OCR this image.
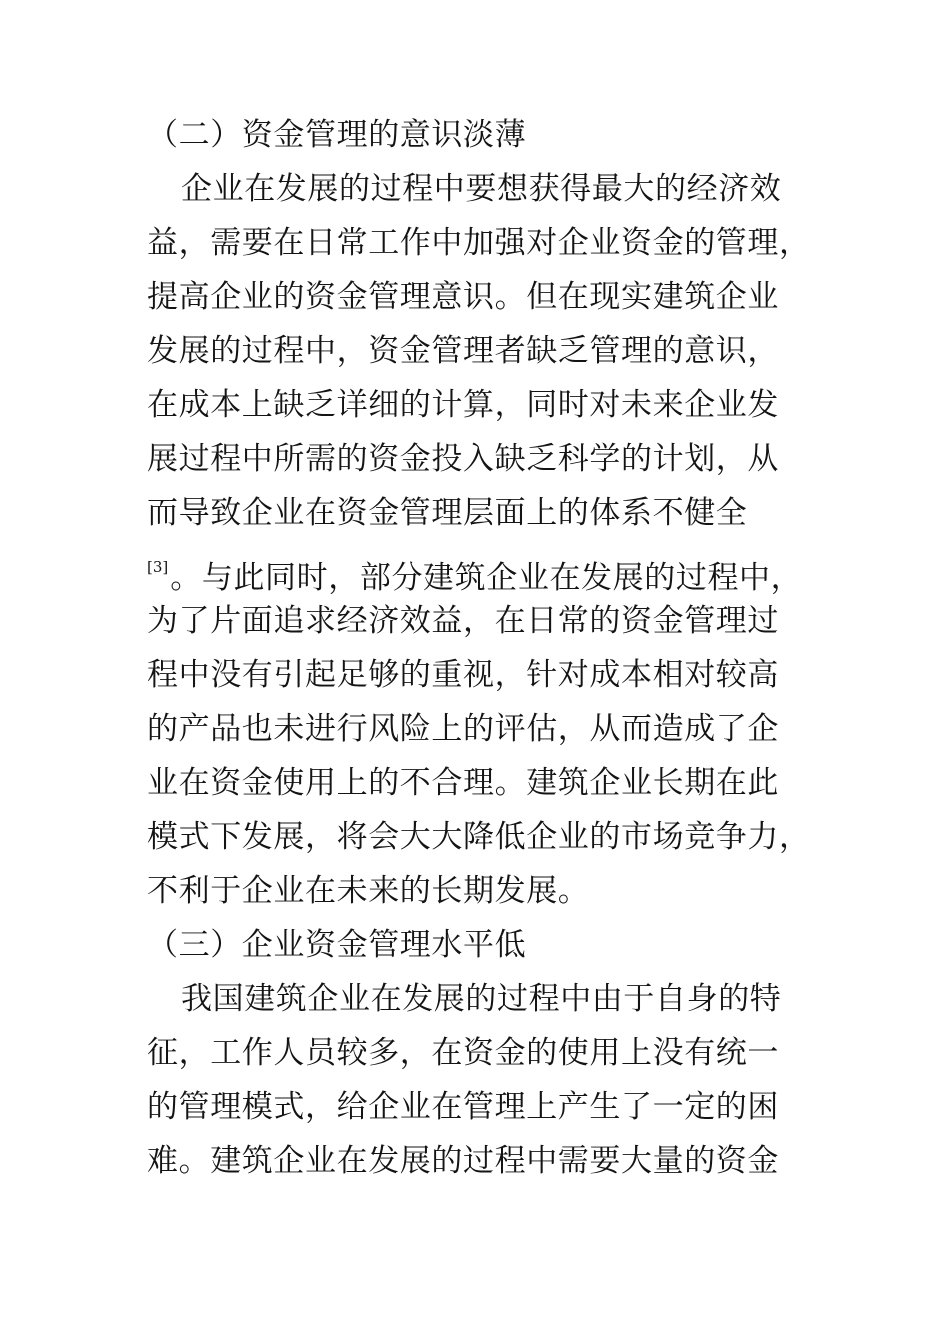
（二）资金管理的意识淡薄
企业在发展的过程中要想获得最大的经济效
益，需要在日常工作中加强对企业资金的管理，
提高企业的资金管理意识。但在现实建筑企业
发展的过程中，资金管理者缺乏管理的意识，
在成本上缺乏详细的计算，同时对未来企业发
展过程中所需的资金投入缺乏科学的计划，从
而导致企业在资金管理层面上的体系不健全
[3]。与此同时，部分建筑企业在发展的过程中，
为了片面追求经济效益，在日常的资金管理过
程中没有引起足够的重视，针对成本相对较高
的产品也未进行风险上的评估，从而造成了企
业在资金使用上的不合理。建筑企业长期在此
模式下发展，将会大大降低企业的市场竞争力，
不利于企业在未来的长期发展。
（三）企业资金管理水平低
我国建筑企业在发展的过程中由于自身的特
征，工作人员较多，在资金的使用上没有统一
的管理模式，给企业在管理上产生了一定的困
难。建筑企业在发展的过程中需要大量的资金
